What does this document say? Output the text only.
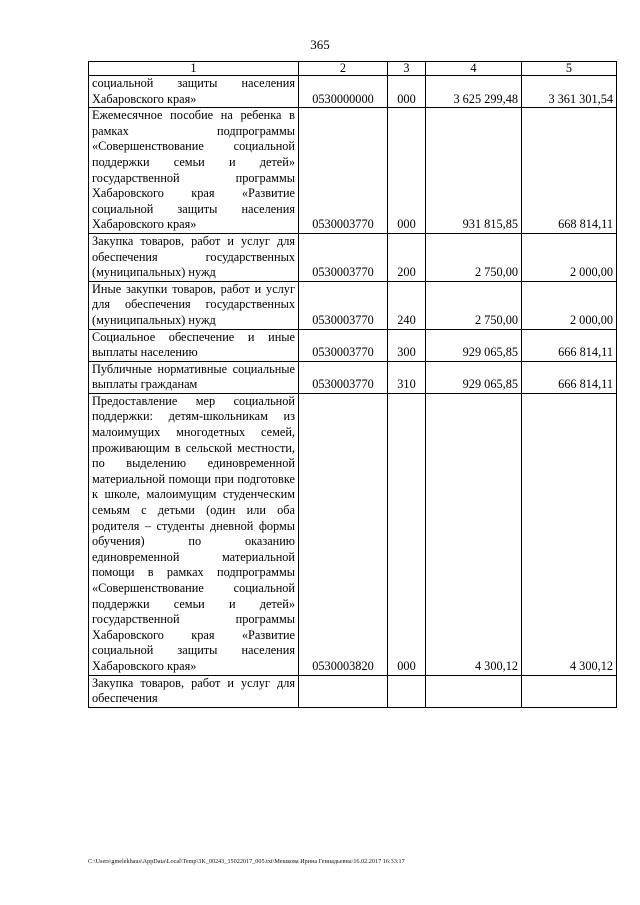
365
1	2	3	4	5
социальной защиты населения Хабаровского края»	0530000000	000	3 625 299,48	3 361 301,54
Ежемесячное пособие на ребенка в рамках подпрограммы «Совершенствование социальной поддержки семьи и детей» государственной программы Хабаровского края «Развитие социальной защиты населения Хабаровского края»	0530003770	000	931 815,85	668 814,11
Закупка товаров, работ и услуг для обеспечения государственных (муниципальных) нужд	0530003770	200	2 750,00	2 000,00
Иные закупки товаров, работ и услуг для обеспечения государственных (муниципальных) нужд	0530003770	240	2 750,00	2 000,00
Социальное обеспечение и иные выплаты населению	0530003770	300	929 065,85	666 814,11
Публичные нормативные социальные выплаты гражданам	0530003770	310	929 065,85	666 814,11
Предоставление мер социальной поддержки: детям-школьникам из малоимущих многодетных семей, проживающим в сельской местности, по выделению единовременной материальной помощи при подготовке к школе, малоимущим студенческим семьям с детьми (один или оба родителя – студенты дневной формы обучения) по оказанию единовременной материальной помощи в рамках подпрограммы «Совершенствование социальной поддержки семьи и детей» государственной программы Хабаровского края «Развитие социальной защиты населения Хабаровского края»	0530003820	000	4 300,12	4 300,12
Закупка товаров, работ и услуг для обеспечения				
C:\Users\gmelekhaus\AppData\Local\Temp\3K_00243_15022017_005.txt\Мешкова Ирина Геннадьевна\16.02.2017 16:33:17
